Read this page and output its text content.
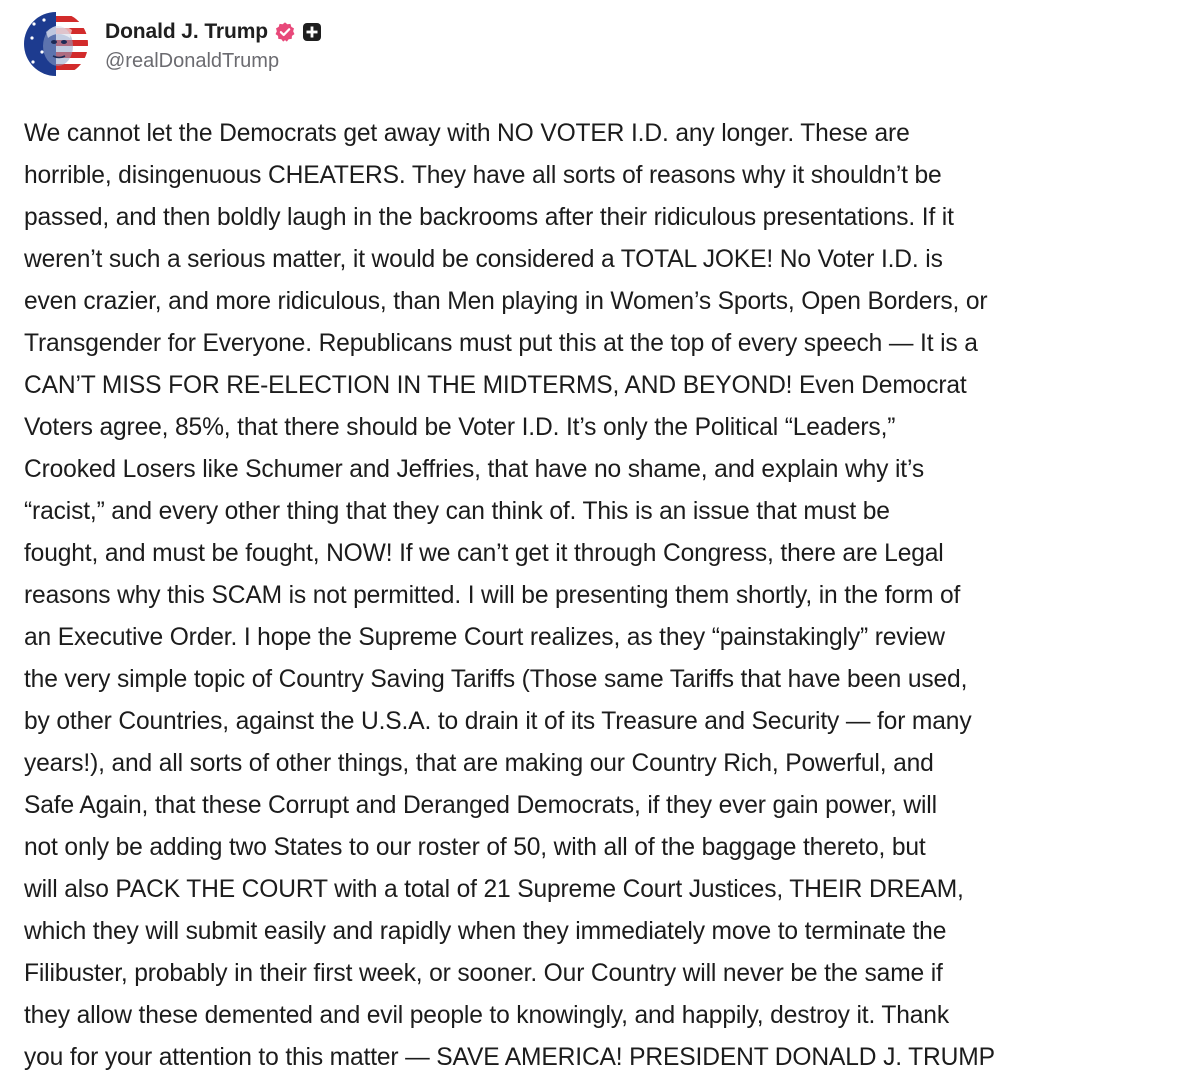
Donald J. Trump
@realDonaldTrump
We cannot let the Democrats get away with NO VOTER I.D. any longer. These are
horrible, disingenuous CHEATERS. They have all sorts of reasons why it shouldn’t be
passed, and then boldly laugh in the backrooms after their ridiculous presentations. If it
weren’t such a serious matter, it would be considered a TOTAL JOKE! No Voter I.D. is
even crazier, and more ridiculous, than Men playing in Women’s Sports, Open Borders, or
Transgender for Everyone. Republicans must put this at the top of every speech — It is a
CAN’T MISS FOR RE-ELECTION IN THE MIDTERMS, AND BEYOND! Even Democrat
Voters agree, 85%, that there should be Voter I.D. It’s only the Political “Leaders,”
Crooked Losers like Schumer and Jeffries, that have no shame, and explain why it’s
“racist,” and every other thing that they can think of. This is an issue that must be
fought, and must be fought, NOW! If we can’t get it through Congress, there are Legal
reasons why this SCAM is not permitted. I will be presenting them shortly, in the form of
an Executive Order. I hope the Supreme Court realizes, as they “painstakingly” review
the very simple topic of Country Saving Tariffs (Those same Tariffs that have been used,
by other Countries, against the U.S.A. to drain it of its Treasure and Security — for many
years!), and all sorts of other things, that are making our Country Rich, Powerful, and
Safe Again, that these Corrupt and Deranged Democrats, if they ever gain power, will
not only be adding two States to our roster of 50, with all of the baggage thereto, but
will also PACK THE COURT with a total of 21 Supreme Court Justices, THEIR DREAM,
which they will submit easily and rapidly when they immediately move to terminate the
Filibuster, probably in their first week, or sooner. Our Country will never be the same if
they allow these demented and evil people to knowingly, and happily, destroy it. Thank
you for your attention to this matter — SAVE AMERICA! PRESIDENT DONALD J. TRUMP
